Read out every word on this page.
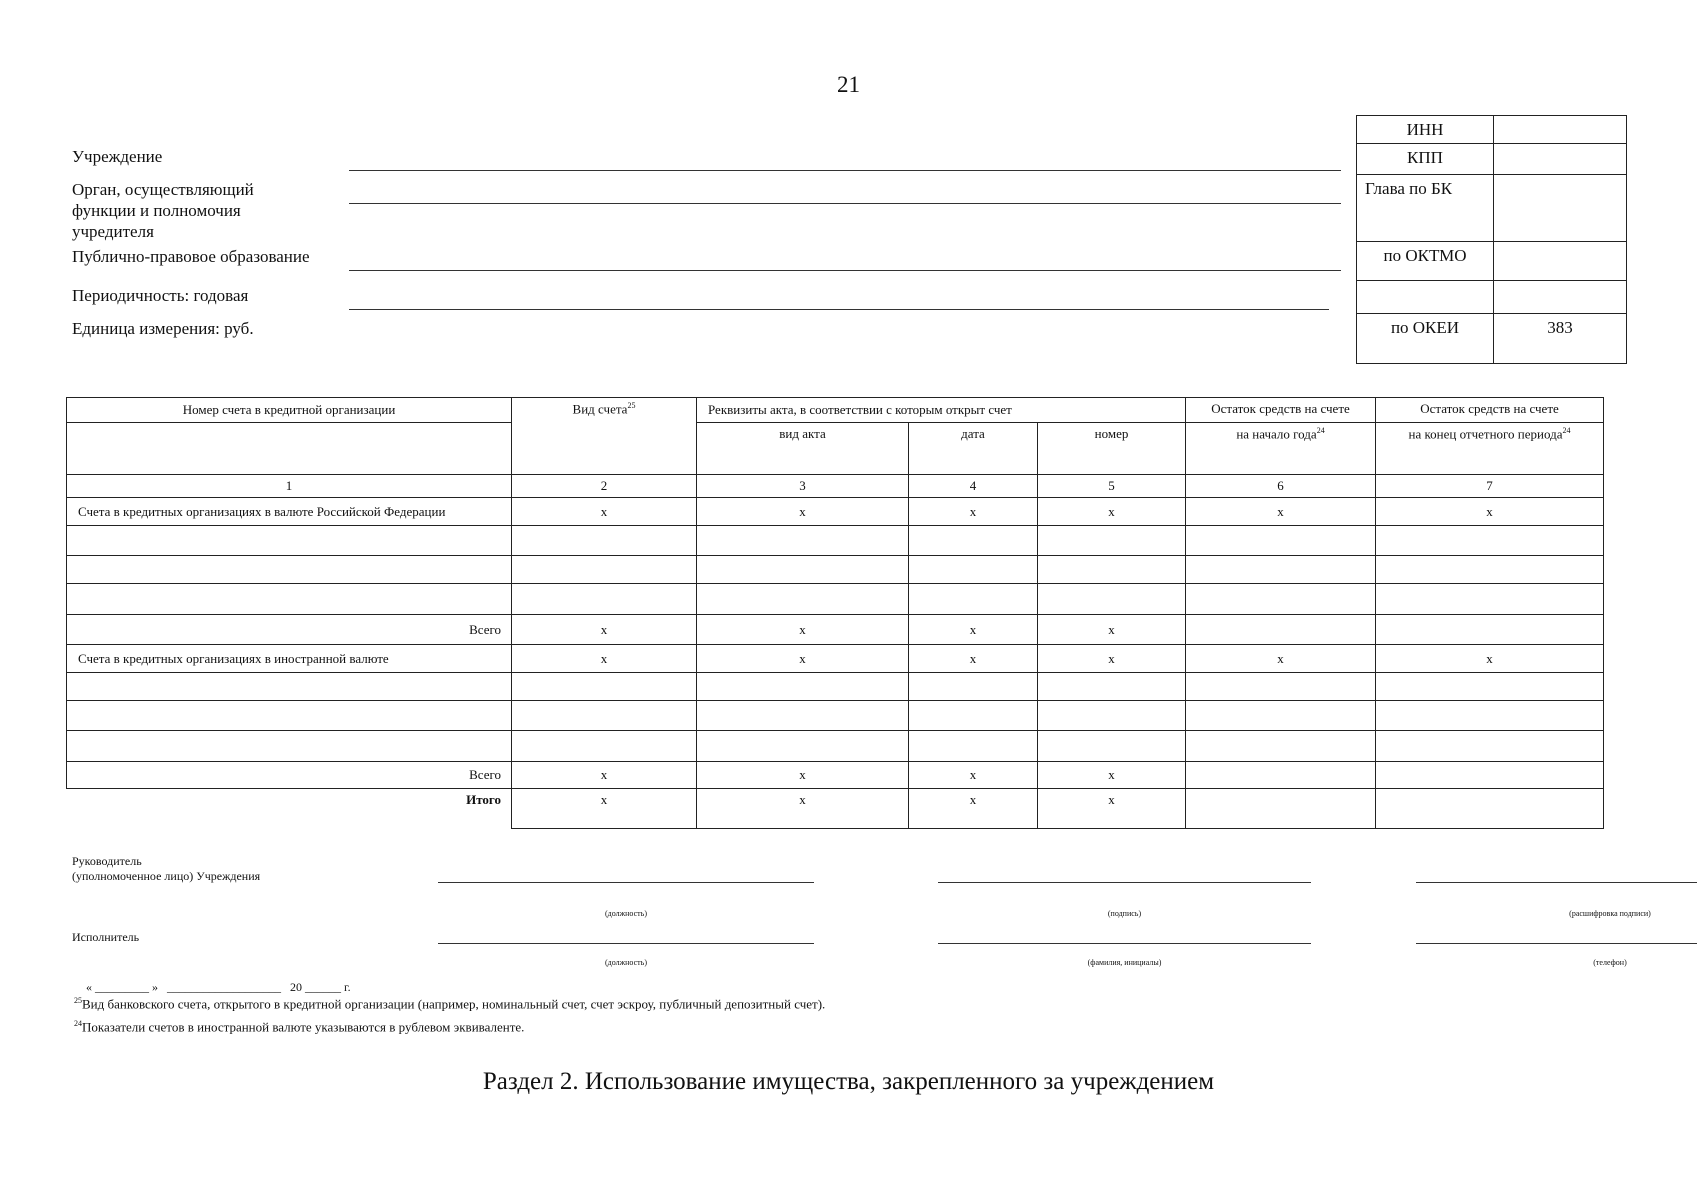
21
Учреждение
Орган, осуществляющий
функции и полномочия
учредителя
Публично-правовое образование
Периодичность: годовая
Единица измерения: руб.
ИНН	
КПП	
Глава по БК	
по ОКТМО	

по ОКЕИ	383
Номер счета в кредитной организации	Вид счета$^{25}$	Реквизиты акта, в соответствии с которым открыт счет			Остаток средств на счете	Остаток средств на счете
		вид акта	дата	номер	на начало года$^{24}$	на конец отчетного периода$^{24}$
1	2	3	4	5	6	7
Счета в кредитных организациях в валюте Российской Федерации	x	x	x	x	x	x

Всего	x	x	x	x		
Счета в кредитных организациях в иностранной валюте	x	x	x	x	x	x

Всего	x	x	x	x		
Итого	x	x	x	x		
Руководитель
(уполномоченное лицо) Учреждения
(должность)	(подпись)	(расшифровка подписи)
Исполнитель
(должность)	(фамилия, инициалы)	(телефон)
« _________ »   ___________________   20 ______ г.
$^{25}$Вид банковского счета, открытого в кредитной организации (например, номинальный счет, счет эскроу, публичный депозитный счет).
$^{24}$Показатели счетов в иностранной валюте указываются в рублевом эквиваленте.
Раздел 2. Использование имущества, закрепленного за учреждением
